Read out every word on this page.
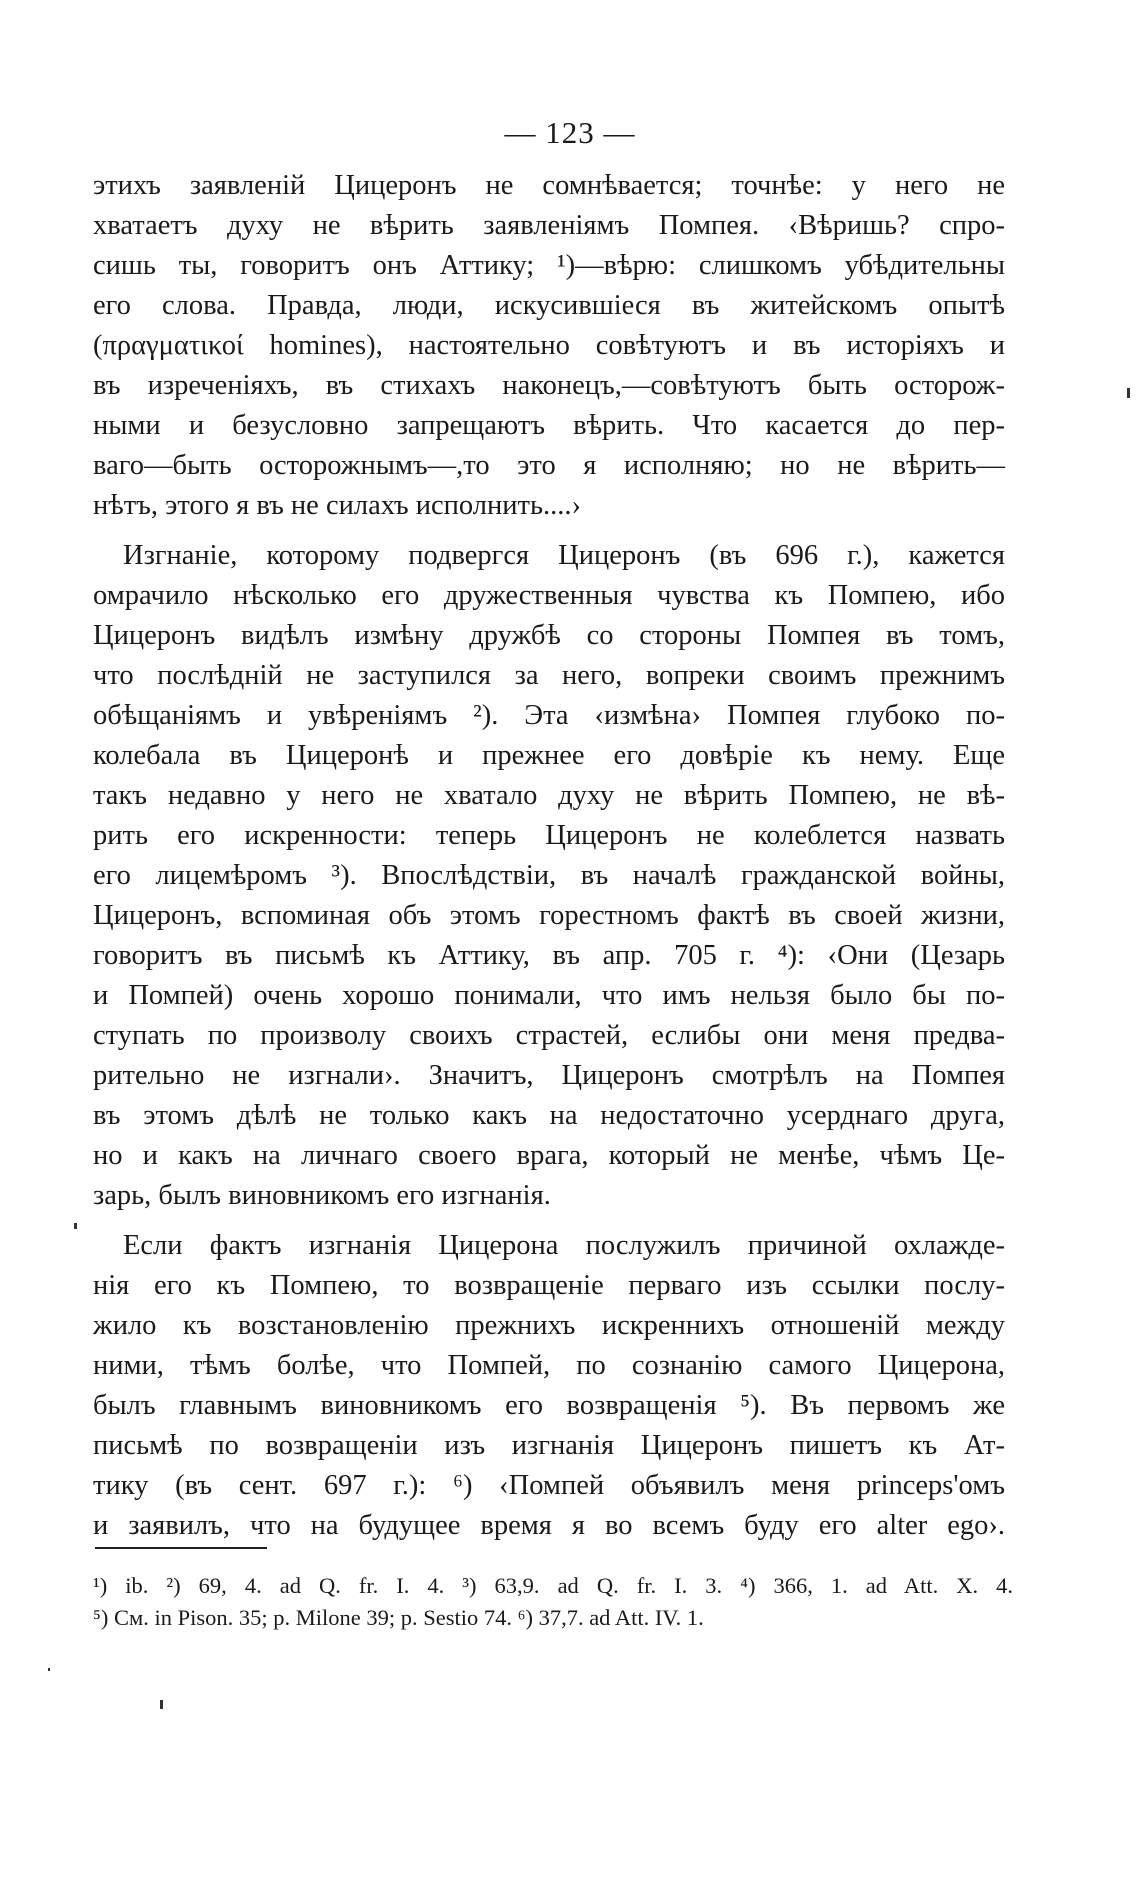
— 123 —
этихъ заявленій Цицеронъ не сомнѣвается; точнѣе: у него не
хватаетъ духу не вѣрить заявленіямъ Помпея. ‹Вѣришь? спро-
сишь ты, говоритъ онъ Аттику; ¹)—вѣрю: слишкомъ убѣдительны
его слова. Правда, люди, искусившіеся въ житейскомъ опытѣ
(πραγματικοί homines), настоятельно совѣтуютъ и въ исторіяхъ и
въ изреченіяхъ, въ стихахъ наконецъ,—совѣтуютъ быть осторож-
ными и безусловно запрещаютъ вѣрить. Что касается до пер-
ваго—быть осторожнымъ—,то это я исполняю; но не вѣрить—
нѣтъ, этого я въ не силахъ исполнить....›
Изгнаніе, которому подвергся Цицеронъ (въ 696 г.), кажется
омрачило нѣсколько его дружественныя чувства къ Помпею, ибо
Цицеронъ видѣлъ измѣну дружбѣ со стороны Помпея въ томъ,
что послѣдній не заступился за него, вопреки своимъ прежнимъ
обѣщаніямъ и увѣреніямъ ²). Эта ‹измѣна› Помпея глубоко по-
колебала въ Цицеронѣ и прежнее его довѣріе къ нему. Еще
такъ недавно у него не хватало духу не вѣрить Помпею, не вѣ-
рить его искренности: теперь Цицеронъ не колеблется назвать
его лицемѣромъ ³). Впослѣдствіи, въ началѣ гражданской войны,
Цицеронъ, вспоминая объ этомъ горестномъ фактѣ въ своей жизни,
говоритъ въ письмѣ къ Аттику, въ апр. 705 г. ⁴): ‹Они (Цезарь
и Помпей) очень хорошо понимали, что имъ нельзя было бы по-
ступать по произволу своихъ страстей, еслибы они меня предва-
рительно не изгнали›. Значитъ, Цицеронъ смотрѣлъ на Помпея
въ этомъ дѣлѣ не только какъ на недостаточно усерднаго друга,
но и какъ на личнаго своего врага, который не менѣе, чѣмъ Це-
зарь, былъ виновникомъ его изгнанія.
Если фактъ изгнанія Цицерона послужилъ причиной охлажде-
нія его къ Помпею, то возвращеніе перваго изъ ссылки послу-
жило къ возстановленію прежнихъ искреннихъ отношеній между
ними, тѣмъ болѣе, что Помпей, по сознанію самого Цицерона,
былъ главнымъ виновникомъ его возвращенія ⁵). Въ первомъ же
письмѣ по возвращеніи изъ изгнанія Цицеронъ пишетъ къ Ат-
тику (въ сент. 697 г.): ⁶) ‹Помпей объявилъ меня princeps'омъ
и заявилъ, что на будущее время я во всемъ буду его alter ego›.
¹) ib. ²) 69, 4. ad Q. fr. I. 4. ³) 63,9. ad Q. fr. I. 3. ⁴) 366, 1. ad Att. X. 4.
⁵) См. in Pison. 35; p. Milone 39; p. Sestio 74. ⁶) 37,7. ad Att. IV. 1.
